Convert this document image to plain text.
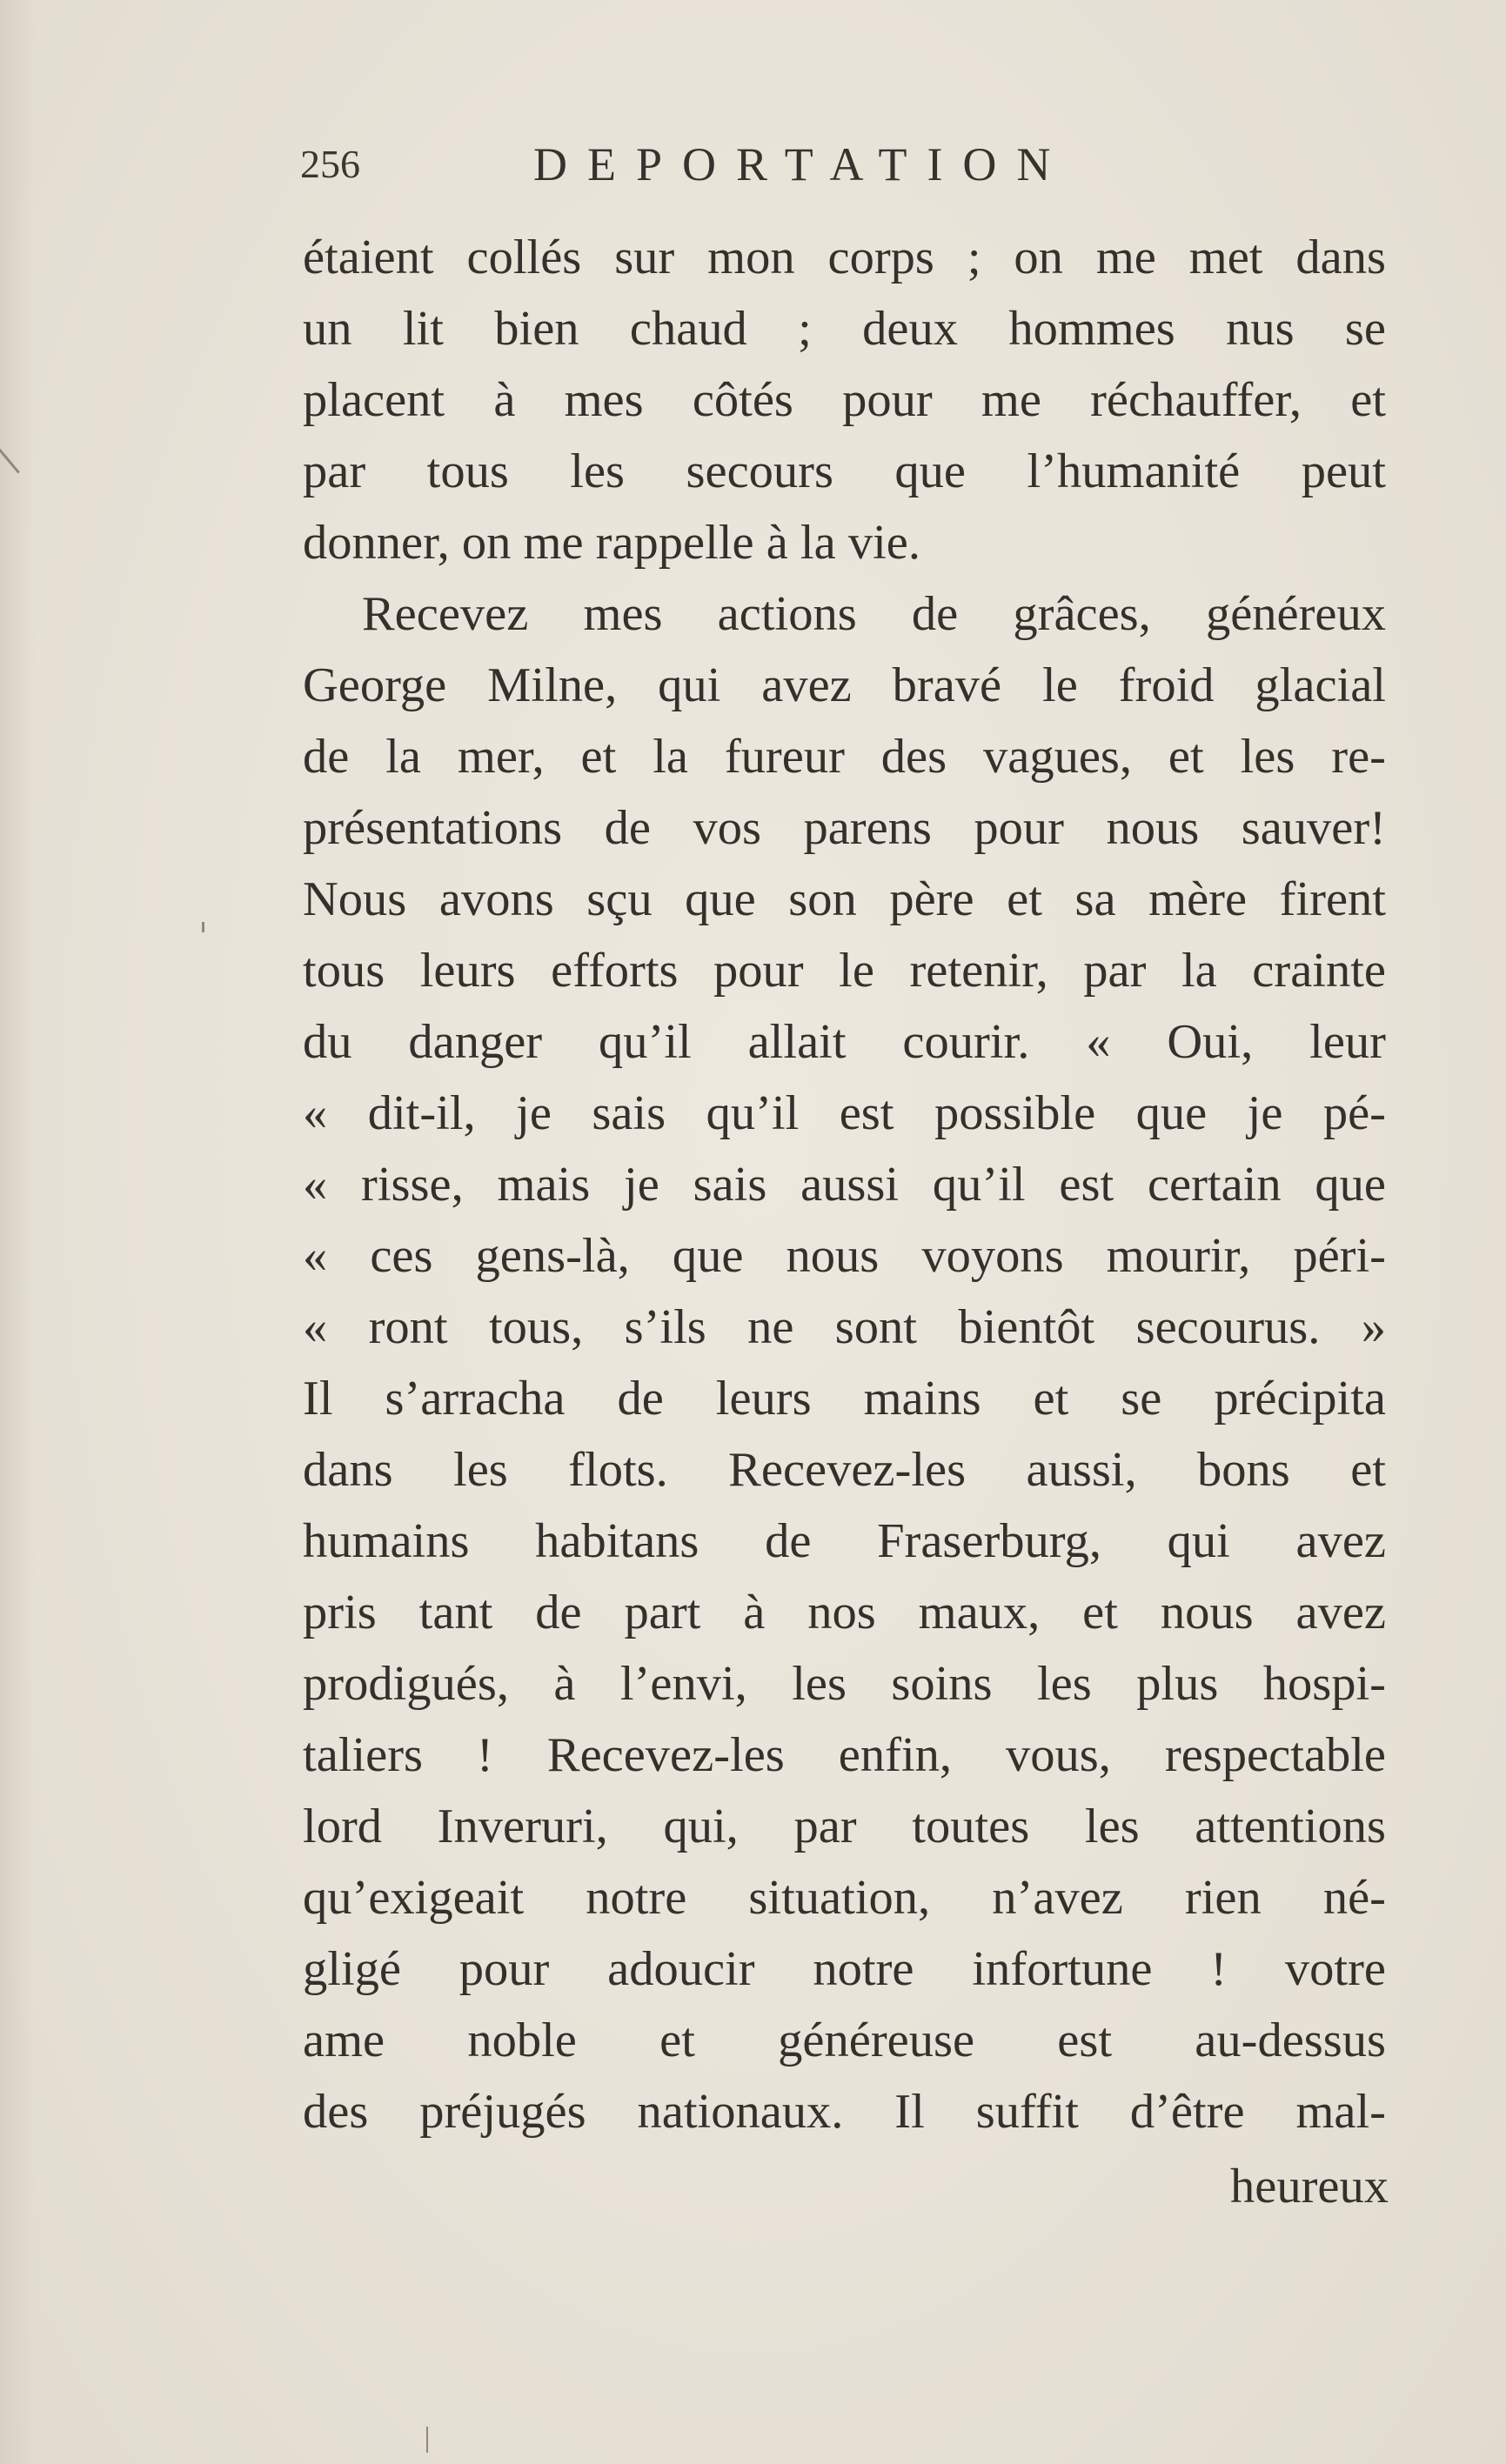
256	DEPORTATION
étaient collés sur mon corps ; on me met dans
un lit bien chaud ; deux hommes nus se
placent à mes côtés pour me réchauffer, et
par tous les secours que l’humanité peut
donner, on me rappelle à la vie.
Recevez mes actions de grâces, généreux
George Milne, qui avez bravé le froid glacial
de la mer, et la fureur des vagues, et les re-
présentations de vos parens pour nous sauver!
Nous avons sçu que son père et sa mère firent
tous leurs efforts pour le retenir, par la crainte
du danger qu’il allait courir. « Oui, leur
« dit-il, je sais qu’il est possible que je pé-
« risse, mais je sais aussi qu’il est certain que
« ces gens-là, que nous voyons mourir, péri-
« ront tous, s’ils ne sont bientôt secourus. »
Il s’arracha de leurs mains et se précipita
dans les flots. Recevez-les aussi, bons et
humains habitans de Fraserburg, qui avez
pris tant de part à nos maux, et nous avez
prodigués, à l’envi, les soins les plus hospi-
taliers ! Recevez-les enfin, vous, respectable
lord Inveruri, qui, par toutes les attentions
qu’exigeait notre situation, n’avez rien né-
gligé pour adoucir notre infortune ! votre
ame noble et généreuse est au-dessus
des préjugés nationaux. Il suffit d’être mal-
heureux
